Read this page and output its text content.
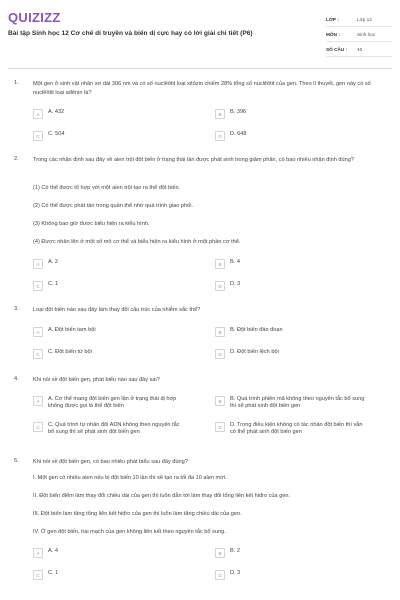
QUIZIZZ
Bài tập Sinh học 12 Cơ chế di truyền và biến dị cực hay có lời giải chi tiết (P6)
LỚP :	Lớp 12
MÔN :	Sinh học
SỐ CÂU :	40
1.	Một gen ở sinh vật nhân sơ dài 306 nm và có số nuclêôtit loại xitôzin chiếm 28% tổng số nuclêôtit của gen. Theo lí thuyết, gen này có số nuclêôtit loại ađênin là?
A	A. 432	B	B. 396
C	C. 504	D	D. 648
2.	Trong các nhận định sau đây về alen trội đột biến ở trạng thái lần được phát sinh trong giảm phân, có bao nhiêu nhận định đúng?
(1) Có thể được tổ hợp với một alen trội tạo ra thể đột biến.
(2) Có thể được phát tán trong quần thể nhờ quá trình giao phối.
(3) Không bao giờ được biểu hiện ra kiểu hình.
(4) Được nhân lên ở một số mô cơ thể và biểu hiện ra kiểu hình ở một phần cơ thể.
A	A. 2	B	B. 4
C	C. 1	D	D. 3
3.	Loại đột biến nào sau đây làm thay đổi cấu trúc của nhiễm sắc thể?
A	A. Đột biến tam bội	B	B. Đột biến đảo đoạn
C	C. Đột biến tứ bội	D	D. Đột biến lệch bội
4.	Khi nói về đột biến gen, phát biểu nào sau đây sai?
A	A. Cơ thể mang đột biến gen lặn ở trạng thái dị hợp không được gọi là thể đột biến
B	B. Quá trình phiên mã không theo nguyên tắc bổ sung thì sẽ phát sinh đột biến gen
C	C. Quá trình tự nhân đôi ADN không theo nguyên tắc bổ sung thì sẽ phát sinh đột biến gen
D	D. Trong điều kiện không có tác nhân đột biến thì vẫn có thể phát sinh đột biến gen
5.	Khi nói về đột biến gen, có bao nhiêu phát biểu sau đây đúng?
I. Một gen có nhiều alen nếu bị đột biến 10 lần thì sẽ tạo ra tối đa 10 alen mới.
II. Đột biến điểm làm thay đổi chiều dài của gen thì luôn dẫn tới làm thay đổi tổng liên kết hiđro của gen.
III. Đột biến làm tăng tổng liên kết hiđro của gen thì luôn làm tăng chiều dài của gen.
IV. Ở gen đột biến, hai mạch của gen không liên kết theo nguyên tắc bổ sung.
A	A. 4	B	B. 2
C	C. 1	D	D. 3
